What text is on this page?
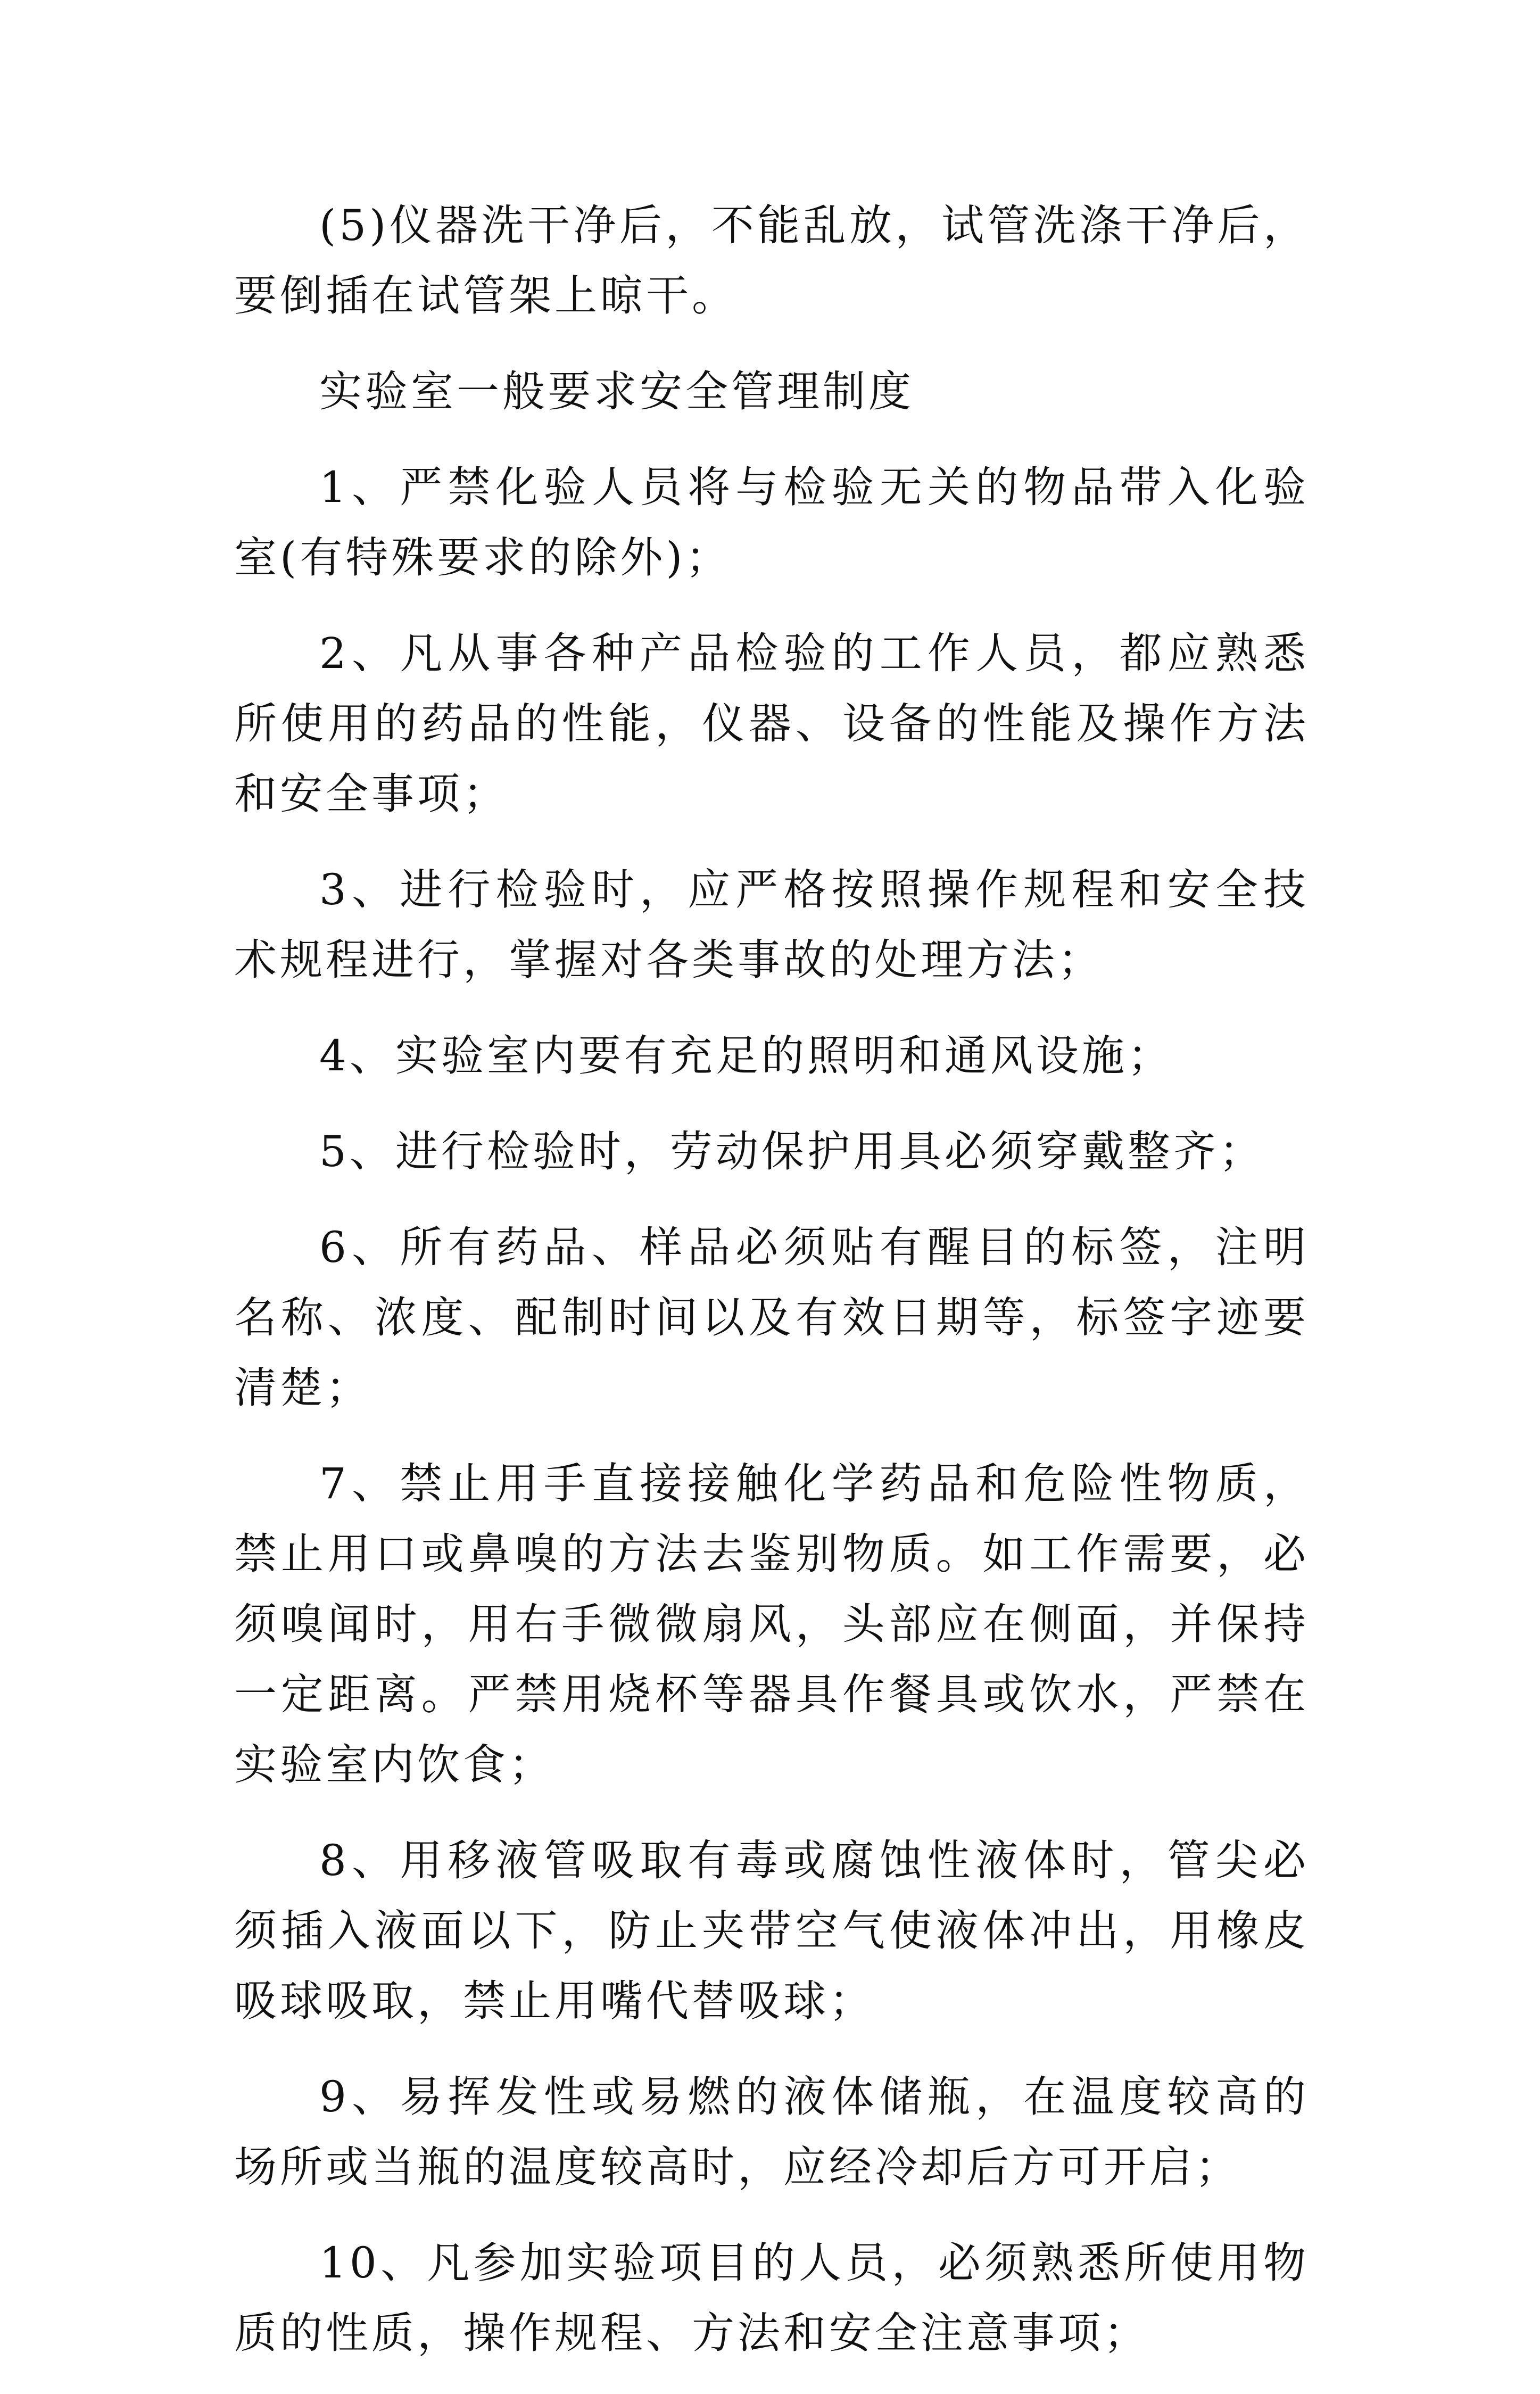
(5)仪器洗干净后，不能乱放，试管洗涤干净后，要倒插在试管架上晾干。

实验室一般要求安全管理制度

1、严禁化验人员将与检验无关的物品带入化验室(有特殊要求的除外)；

2、凡从事各种产品检验的工作人员，都应熟悉所使用的药品的性能，仪器、设备的性能及操作方法和安全事项；

3、进行检验时，应严格按照操作规程和安全技术规程进行，掌握对各类事故的处理方法；

4、实验室内要有充足的照明和通风设施；

5、进行检验时，劳动保护用具必须穿戴整齐；

6、所有药品、样品必须贴有醒目的标签，注明名称、浓度、配制时间以及有效日期等，标签字迹要清楚；

7、禁止用手直接接触化学药品和危险性物质，禁止用口或鼻嗅的方法去鉴别物质。如工作需要，必须嗅闻时，用右手微微扇风，头部应在侧面，并保持一定距离。严禁用烧杯等器具作餐具或饮水，严禁在实验室内饮食；

8、用移液管吸取有毒或腐蚀性液体时，管尖必须插入液面以下，防止夹带空气使液体冲出，用橡皮吸球吸取，禁止用嘴代替吸球；

9、易挥发性或易燃的液体储瓶，在温度较高的场所或当瓶的温度较高时，应经冷却后方可开启；

10、凡参加实验项目的人员，必须熟悉所使用物质的性质，操作规程、方法和安全注意事项；
